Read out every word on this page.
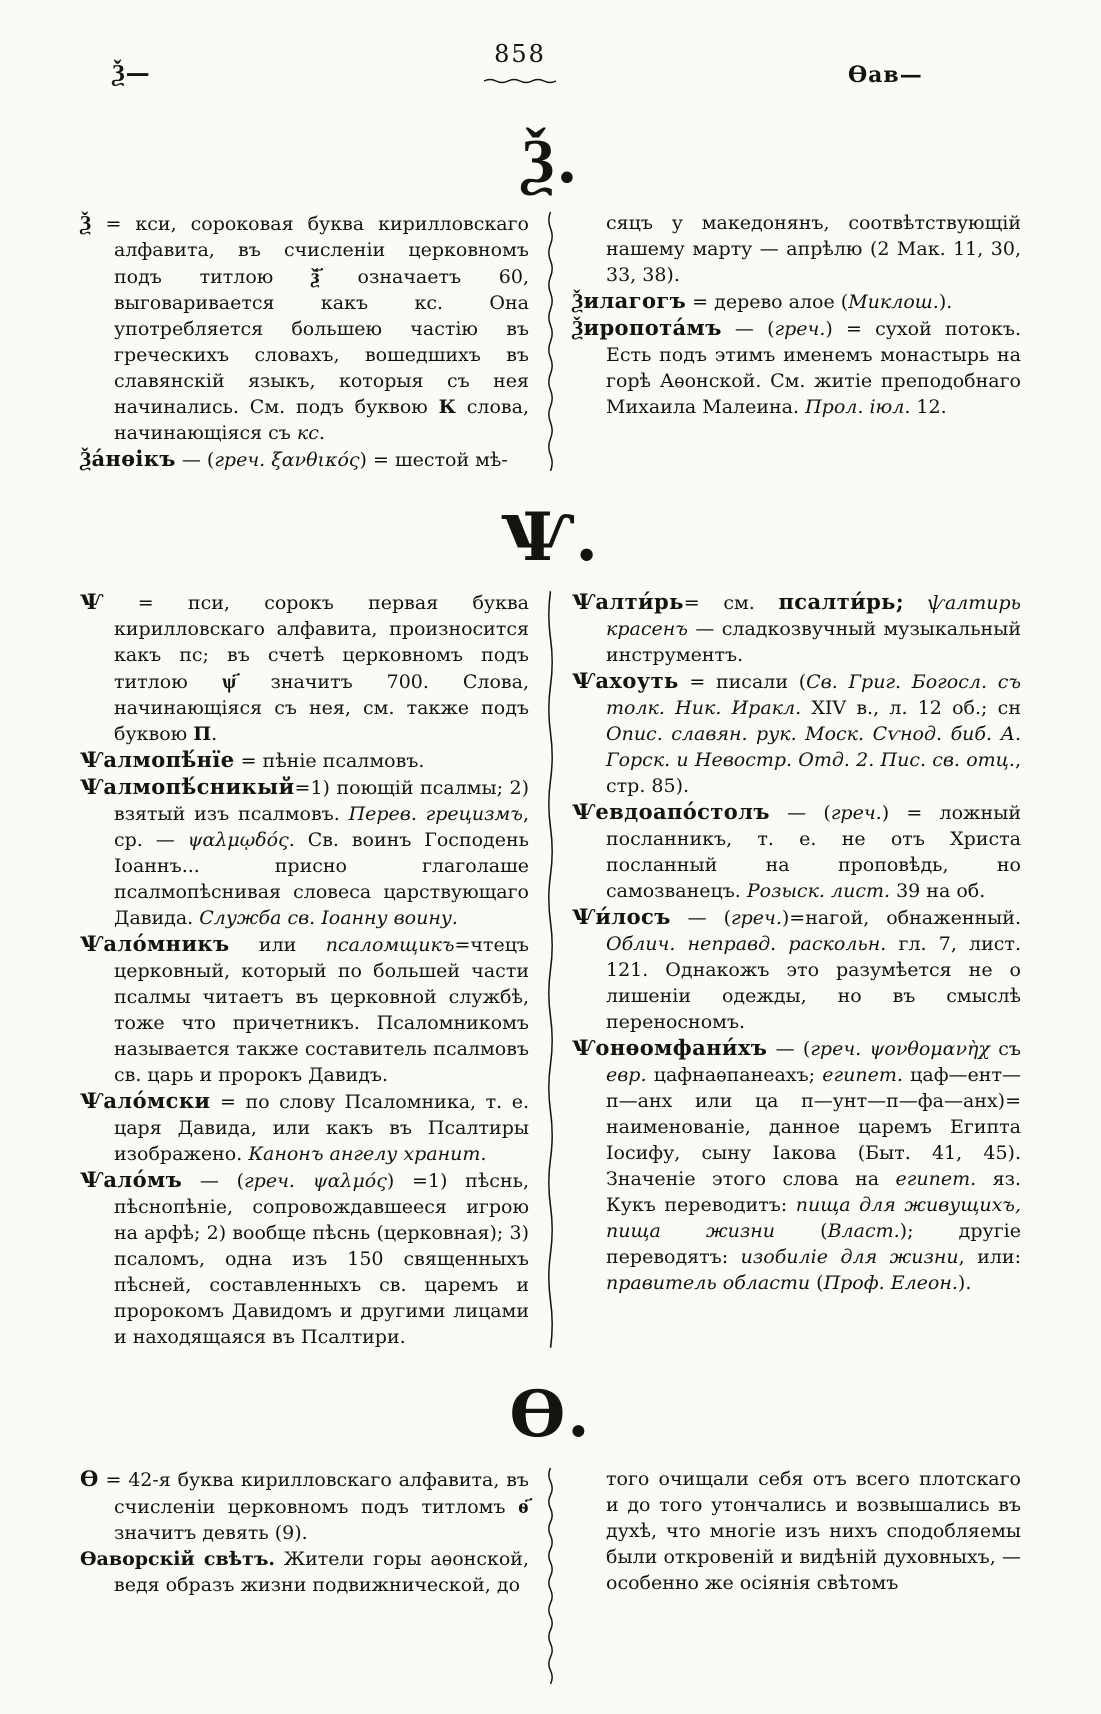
Ѯ—
858
Ѳав—
Ѯ.

Ѯ = кси, сороковая буква кирилловскаго алфавита, въ счисленіи церковномъ подъ титлою ѯ҃ означаетъ 60, выговаривается какъ кс. Она употребляется большею частію въ греческихъ словахъ, вошедшихъ въ славянскій языкъ, которыя съ нея начинались. См. подъ буквою К слова, начинающіяся съ кс.

Ѯа́нѳікъ — (греч. ξανθικός) = шестой мѣ-

сяцъ у македонянъ, соотвѣтствующій нашему марту — апрѣлю (2 Мак. 11, 30, 33, 38).

Ѯилагогъ = дерево алое (Миклош.).

Ѯиропота́мъ — (греч.) = сухой потокъ. Есть подъ этимъ именемъ монастырь на горѣ Аѳонской. См. житіе преподобнаго Михаила Малеина. Прол. іюл. 12.

Ѱ.

Ѱ = пси, сорокъ первая буква кирилловскаго алфавита, произносится какъ пс; въ счетѣ церковномъ подъ титлою ѱ҃ значитъ 700. Слова, начинающіяся съ нея, см. также подъ буквою П.

Ѱалмопѣ́нїе = пѣніе псалмовъ.

Ѱалмопѣ́сникый=1) поющій псалмы; 2) взятый изъ псалмовъ. Перев. грецизмъ, ср. — ψαλμῳδός. Св. воинъ Господень Іоаннъ... присно глаголаше псалмопѣснивая словеса царствующаго Давида. Служба св. Іоанну воину.

Ѱало́мникъ или псаломщикъ=чтецъ церковный, который по большей части псалмы читаетъ въ церковной службѣ, тоже что причетникъ. Псаломникомъ называется также составитель псалмовъ св. царь и пророкъ Давидъ.

Ѱало́мски = по слову Псаломника, т. е. царя Давида, или какъ въ Псалтиры изображено. Канонъ ангелу хранит.

Ѱало́мъ — (греч. ψαλμός) =1) пѣснь, пѣснопѣніе, сопровождавшееся игрою на арфѣ; 2) вообще пѣснь (церковная); 3) псаломъ, одна изъ 150 священныхъ пѣсней, составленныхъ св. царемъ и пророкомъ Давидомъ и другими лицами и находящаяся въ Псалтири.

Ѱалти́рь= см. псалти́рь; ѱалтирь красенъ — сладкозвучный музыкальный инструментъ.

Ѱахоуть = писали (Св. Григ. Богосл. съ толк. Ник. Иракл. XIV в., л. 12 об.; сн Опис. славян. рук. Моск. Сѵнод. биб. А. Горск. и Невостр. Отд. 2. Пис. св. отц., стр. 85).

Ѱевдоапо́столъ — (греч.) = ложный посланникъ, т. е. не отъ Христа посланный на проповѣдь, но самозванецъ. Розыск. лист. 39 на об.

Ѱи́лосъ — (греч.)=нагой, обнаженный. Облич. неправд. раскольн. гл. 7, лист. 121. Однакожъ это разумѣется не о лишеніи одежды, но въ смыслѣ переносномъ.

Ѱонѳомфани́хъ — (греч. ψονθομανὴχ съ евр. цафнаѳпанеахъ; египет. цаф—ент—п—анх или ца п—унт—п—фа—анх)= наименованіе, данное царемъ Египта Іосифу, сыну Іакова (Быт. 41, 45). Значеніе этого слова на египет. яз. Кукъ переводитъ: пища для живущихъ, пища жизни (Власт.); другіе переводятъ: изобиліе для жизни, или: правитель области (Проф. Елеон.).

Ѳ.

Ѳ = 42-я буква кирилловскаго алфавита, въ счисленіи церковномъ подъ титломъ ѳ҃ значитъ девять (9).

Ѳаворскій свѣтъ. Жители горы аѳонской, ведя образъ жизни подвижнической, до

того очищали себя отъ всего плотскаго и до того утончались и возвышались въ духѣ, что многіе изъ нихъ сподобляемы были откровеній и видѣній духовныхъ, — особенно же осіянія свѣтомъ
